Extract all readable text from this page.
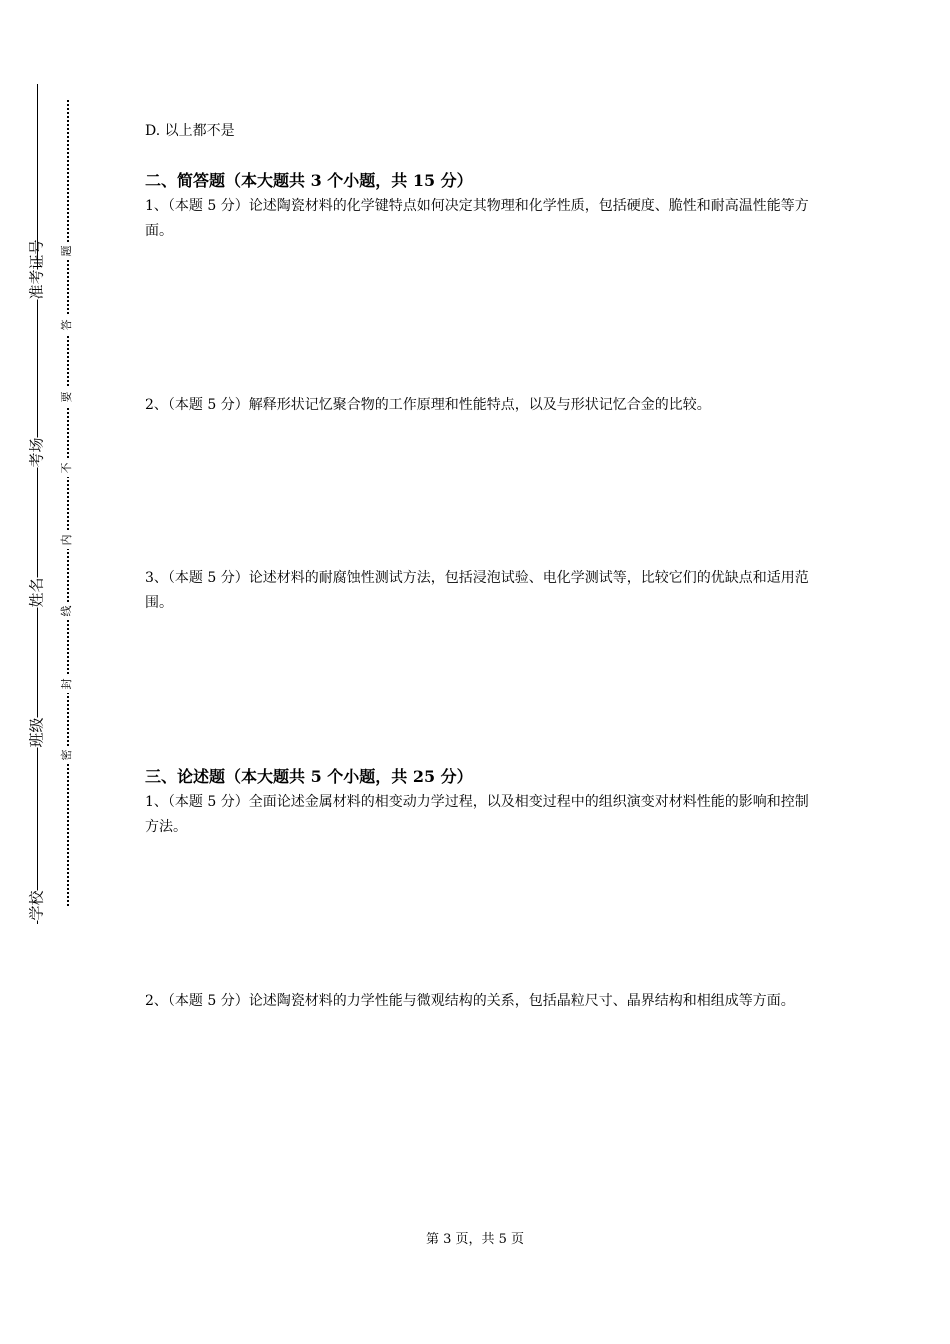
准考证号
考场
姓名
班级
学校
题
答
要
不
内
线
封
密
D. 以上都不是
二、简答题（本大题共 3 个小题，共 15 分）
1、（本题 5 分）论述陶瓷材料的化学键特点如何决定其物理和化学性质，包括硬度、脆性和耐高温性能等方面。
2、（本题 5 分）解释形状记忆聚合物的工作原理和性能特点，以及与形状记忆合金的比较。
3、（本题 5 分）论述材料的耐腐蚀性测试方法，包括浸泡试验、电化学测试等，比较它们的优缺点和适用范围。
三、论述题（本大题共 5 个小题，共 25 分）
1、（本题 5 分）全面论述金属材料的相变动力学过程，以及相变过程中的组织演变对材料性能的影响和控制方法。
2、（本题 5 分）论述陶瓷材料的力学性能与微观结构的关系，包括晶粒尺寸、晶界结构和相组成等方面。
第 3 页，共 5 页
